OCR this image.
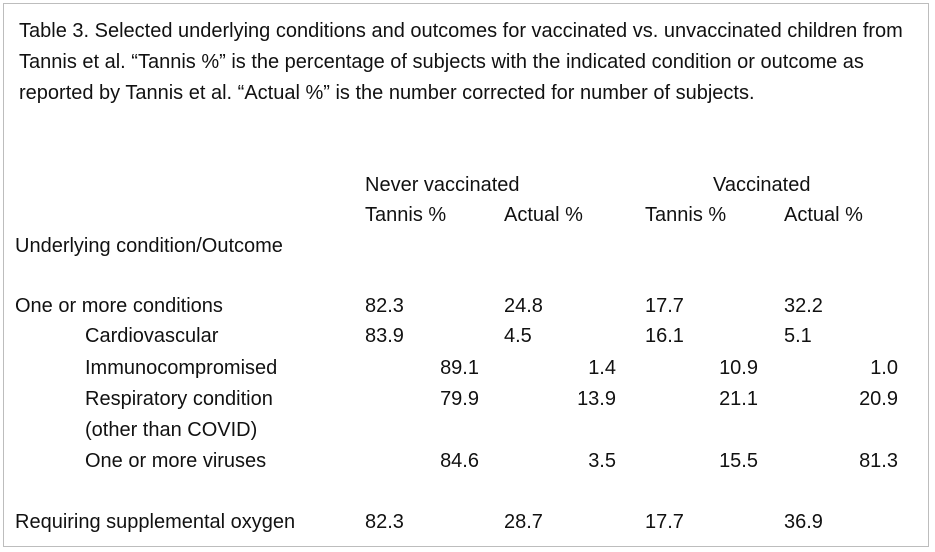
Table 3. Selected underlying conditions and outcomes for vaccinated vs. unvaccinated children from Tannis et al. “Tannis %” is the percentage of subjects with the indicated condition or outcome as reported by Tannis et al. “Actual %” is the number corrected for number of subjects.

Never vaccinated	Vaccinated
Tannis %	Actual %	Tannis %	Actual %
Underlying condition/Outcome
One or more conditions	82.3	24.8	17.7	32.2
Cardiovascular	83.9	4.5	16.1	5.1
Immunocompromised	89.1	1.4	10.9	1.0
Respiratory condition
(other than COVID)
79.9	13.9	21.1	20.9
One or more viruses	84.6	3.5	15.5	81.3
Requiring supplemental oxygen	82.3	28.7	17.7	36.9
